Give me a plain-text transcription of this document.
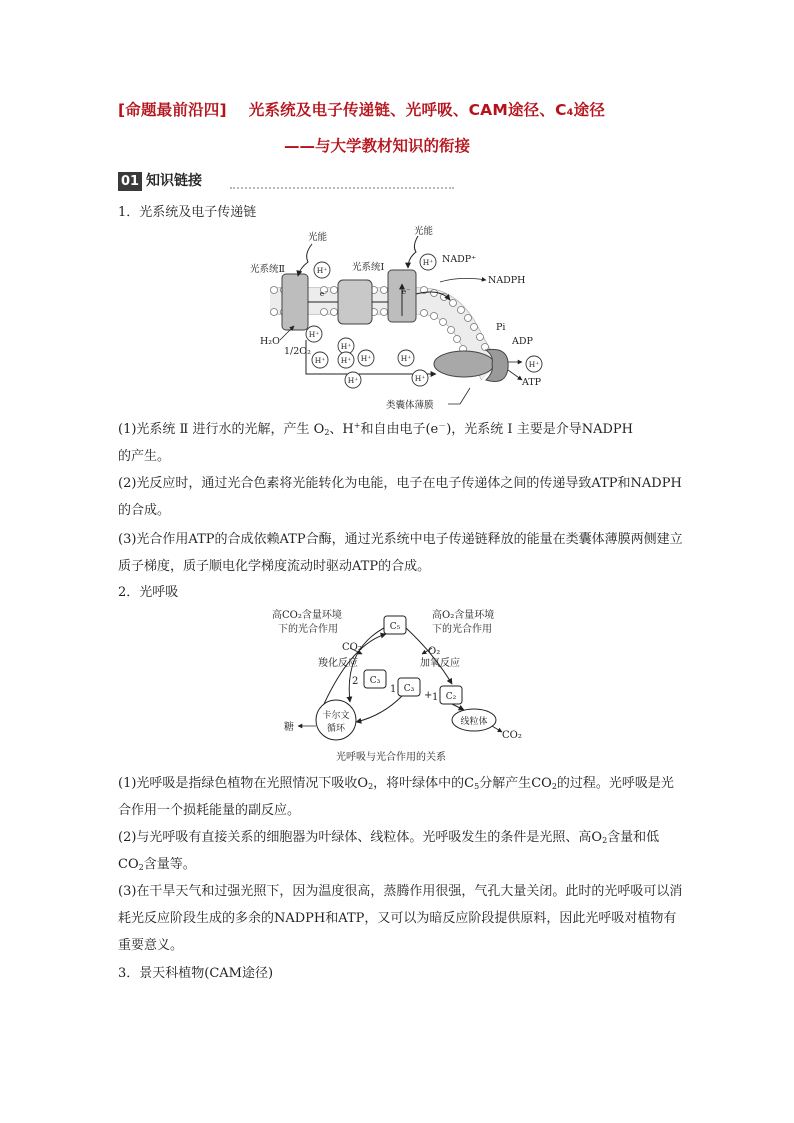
[命题最前沿四] 光系统及电子传递链、光呼吸、CAM途径、C₄途径
——与大学教材知识的衔接
01 知识链接
1．光系统及电子传递链
H⁺
H⁺
H⁺
H⁺
H⁺
H⁺ H⁺	H⁺
H⁺	H⁺
H⁺
e⁻	e⁻
光能
光能
光系统Ⅱ	光系统Ⅰ
NADP⁺
NADPH
H₂O
1/2O₂
Pi
ADP
ATP
类囊体薄膜

(1)光系统 Ⅱ 进行水的光解，产生 $O_2$、H+和自由电子(e－)，光系统 Ⅰ 主要是介导NADPH
的产生。

(2)光反应时，通过光合色素将光能转化为电能，电子在电子传递体之间的传递导致ATP和NADPH的合成。

(3)光合作用ATP的合成依赖ATP合酶，通过光系统中电子传递链释放的能量在类囊体薄膜两侧建立质子梯度，质子顺电化学梯度流动时驱动ATP的合成。

2．光呼吸
高CO₂含量环境
下的光合作用
高O₂含量环境
下的光合作用
CO₂
羧化反应
O₂
加氧反应
2
1
+ 1
糖
CO₂
光呼吸与光合作用的关系
C₅
C₃
C₃
C₂
卡尔文
循环
线粒体

(1)光呼吸是指绿色植物在光照情况下吸收$O_2$，将叶绿体中的$C_5$分解产生$CO_2$的过程。光呼吸是光合作用一个损耗能量的副反应。

(2)与光呼吸有直接关系的细胞器为叶绿体、线粒体。光呼吸发生的条件是光照、高$O_2$含量和低$CO_2$含量等。

(3)在干旱天气和过强光照下，因为温度很高，蒸腾作用很强，气孔大量关闭。此时的光呼吸可以消耗光反应阶段生成的多余的NADPH和ATP，又可以为暗反应阶段提供原料，因此光呼吸对植物有重要意义。

3．景天科植物(CAM途径)
